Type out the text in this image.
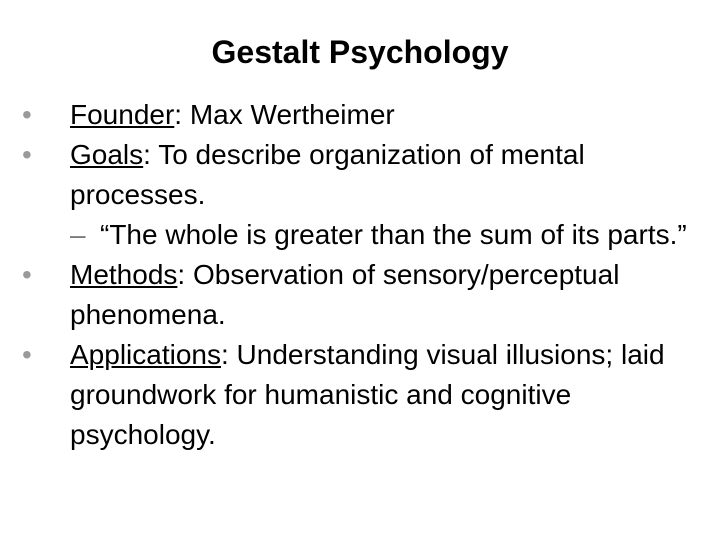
Gestalt Psychology
•	Founder: Max Wertheimer
•	Goals: To describe organization of mental processes.
– “The whole is greater than the sum of its parts.”
•	Methods: Observation of sensory/perceptual phenomena.
•	Applications: Understanding visual illusions; laid groundwork for humanistic and cognitive psychology.
